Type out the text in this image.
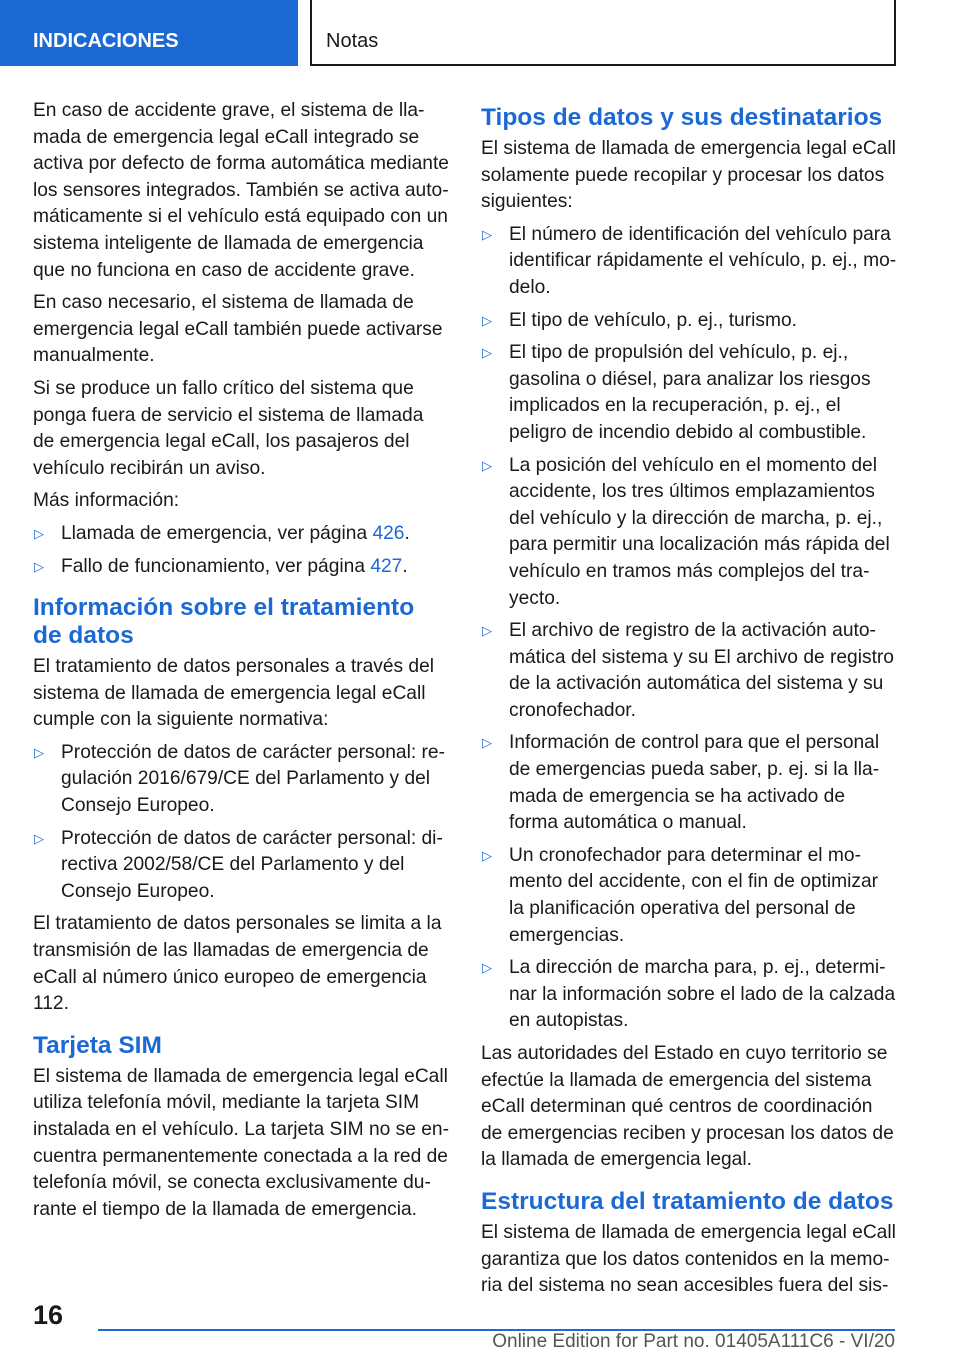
INDICACIONES	Notas

En caso de accidente grave, el sistema de llamada de emergencia legal eCall integrado se activa por defecto de forma automática mediante los sensores integrados. También se activa automáticamente si el vehículo está equipado con un sistema inteligente de llamada de emergencia que no funciona en caso de accidente grave.

En caso necesario, el sistema de llamada de emergencia legal eCall también puede activarse manualmente.

Si se produce un fallo crítico del sistema que ponga fuera de servicio el sistema de llamada de emergencia legal eCall, los pasajeros del vehículo recibirán un aviso.

Más información:

▷ Llamada de emergencia, ver página 426.
▷ Fallo de funcionamiento, ver página 427.
Información sobre el tratamiento de datos

El tratamiento de datos personales a través del sistema de llamada de emergencia legal eCall cumple con la siguiente normativa:

▷ Protección de datos de carácter personal: regulación 2016/679/CE del Parlamento y del Consejo Europeo.
▷ Protección de datos de carácter personal: directiva 2002/58/CE del Parlamento y del Consejo Europeo.

El tratamiento de datos personales se limita a la transmisión de las llamadas de emergencia de eCall al número único europeo de emergencia 112.

Tarjeta SIM

El sistema de llamada de emergencia legal eCall utiliza telefonía móvil, mediante la tarjeta SIM instalada en el vehículo. La tarjeta SIM no se encuentra permanentemente conectada a la red de telefonía móvil, se conecta exclusivamente durante el tiempo de la llamada de emergencia.

Tipos de datos y sus destinatarios

El sistema de llamada de emergencia legal eCall solamente puede recopilar y procesar los datos siguientes:

▷ El número de identificación del vehículo para identificar rápidamente el vehículo, p. ej., modelo.
▷ El tipo de vehículo, p. ej., turismo.
▷ El tipo de propulsión del vehículo, p. ej., gasolina o diésel, para analizar los riesgos implicados en la recuperación, p. ej., el peligro de incendio debido al combustible.
▷ La posición del vehículo en el momento del accidente, los tres últimos emplazamientos del vehículo y la dirección de marcha, p. ej., para permitir una localización más rápida del vehículo en tramos más complejos del trayecto.
▷ El archivo de registro de la activación automática del sistema y su El archivo de registro de la activación automática del sistema y su cronofechador.
▷ Información de control para que el personal de emergencias pueda saber, p. ej. si la llamada de emergencia se ha activado de forma automática o manual.
▷ Un cronofechador para determinar el momento del accidente, con el fin de optimizar la planificación operativa del personal de emergencias.
▷ La dirección de marcha para, p. ej., determinar la información sobre el lado de la calzada en autopistas.

Las autoridades del Estado en cuyo territorio se efectúe la llamada de emergencia del sistema eCall determinan qué centros de coordinación de emergencias reciben y procesan los datos de la llamada de emergencia legal.

Estructura del tratamiento de datos

El sistema de llamada de emergencia legal eCall garantiza que los datos contenidos en la memoria del sistema no sean accesibles fuera del sis-

16
Online Edition for Part no. 01405A111C6 - VI/20
